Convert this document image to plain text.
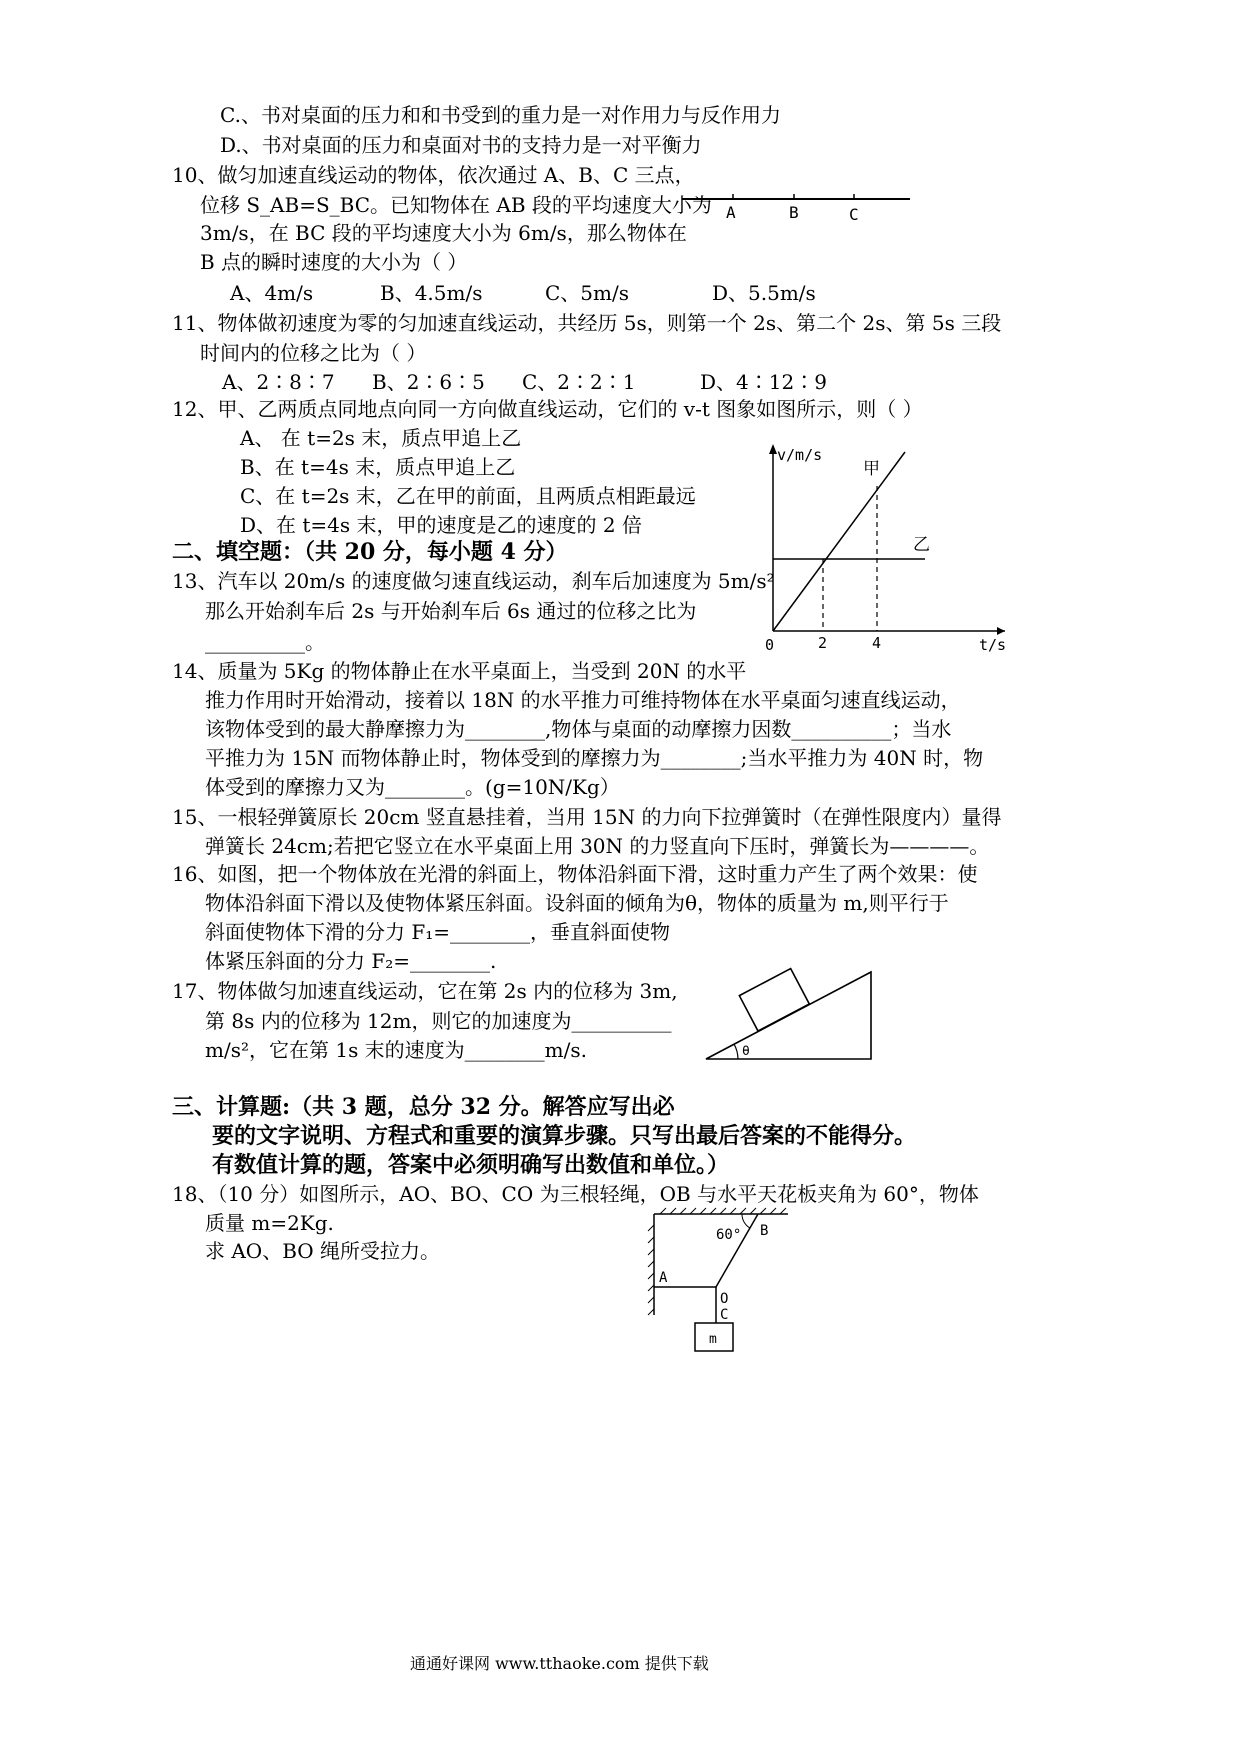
C.、书对桌面的压力和和书受到的重力是一对作用力与反作用力
D.、书对桌面的压力和桌面对书的支持力是一对平衡力
10、做匀加速直线运动的物体，依次通过 A、B、C 三点，
位移 S_AB=S_BC。已知物体在 AB 段的平均速度大小为
3m/s，在 BC 段的平均速度大小为 6m/s，那么物体在
B 点的瞬时速度的大小为（ ）
A、4m/s	B、4.5m/s	C、5m/s	D、5.5m/s
A	B	C
11、物体做初速度为零的匀加速直线运动，共经历 5s，则第一个 2s、第二个 2s、第 5s 三段
时间内的位移之比为（ ）
A、2∶8∶7 B、2∶6∶5 C、2∶2∶1	D、4∶12∶9
12、甲、乙两质点同地点向同一方向做直线运动，它们的 v-t 图象如图所示，则（ ）
A、 在 t=2s 末，质点甲追上乙
B、在 t=4s 末，质点甲追上乙
C、在 t=2s 末，乙在甲的前面，且两质点相距最远
D、在 t=4s 末，甲的速度是乙的速度的 2 倍
v/m/s
t/s
0	2	4
甲
乙
二、填空题：（共 20 分，每小题 4 分）
13、汽车以 20m/s 的速度做匀速直线运动，刹车后加速度为 5m/s²
那么开始刹车后 2s 与开始刹车后 6s 通过的位移之比为
__________。
14、质量为 5Kg 的物体静止在水平桌面上，当受到 20N 的水平
推力作用时开始滑动，接着以 18N 的水平推力可维持物体在水平桌面匀速直线运动，
该物体受到的最大静摩擦力为________,物体与桌面的动摩擦力因数__________；当水
平推力为 15N 而物体静止时，物体受到的摩擦力为________;当水平推力为 40N 时，物
体受到的摩擦力又为________。(g=10N/Kg）
15、一根轻弹簧原长 20cm 竖直悬挂着，当用 15N 的力向下拉弹簧时（在弹性限度内）量得
弹簧长 24cm;若把它竖立在水平桌面上用 30N 的力竖直向下压时，弹簧长为————。
16、如图，把一个物体放在光滑的斜面上，物体沿斜面下滑，这时重力产生了两个效果：使
物体沿斜面下滑以及使物体紧压斜面。设斜面的倾角为θ，物体的质量为 m,则平行于
斜面使物体下滑的分力 F₁=________，垂直斜面使物
体紧压斜面的分力 F₂=________.
17、物体做匀加速直线运动，它在第 2s 内的位移为 3m,
第 8s 内的位移为 12m，则它的加速度为__________
m/s²，它在第 1s 末的速度为________m/s.	θ
三、计算题:（共 3 题，总分 32 分。解答应写出必
要的文字说明、方程式和重要的演算步骤。只写出最后答案的不能得分。
有数值计算的题，答案中必须明确写出数值和单位。）
18、（10 分）如图所示，AO、BO、CO 为三根轻绳，OB 与水平天花板夹角为 60°，物体
质量 m=2Kg.
求 AO、BO 绳所受拉力。
60° B
A
O
C
m
通通好课网 www.tthaoke.com 提供下载
